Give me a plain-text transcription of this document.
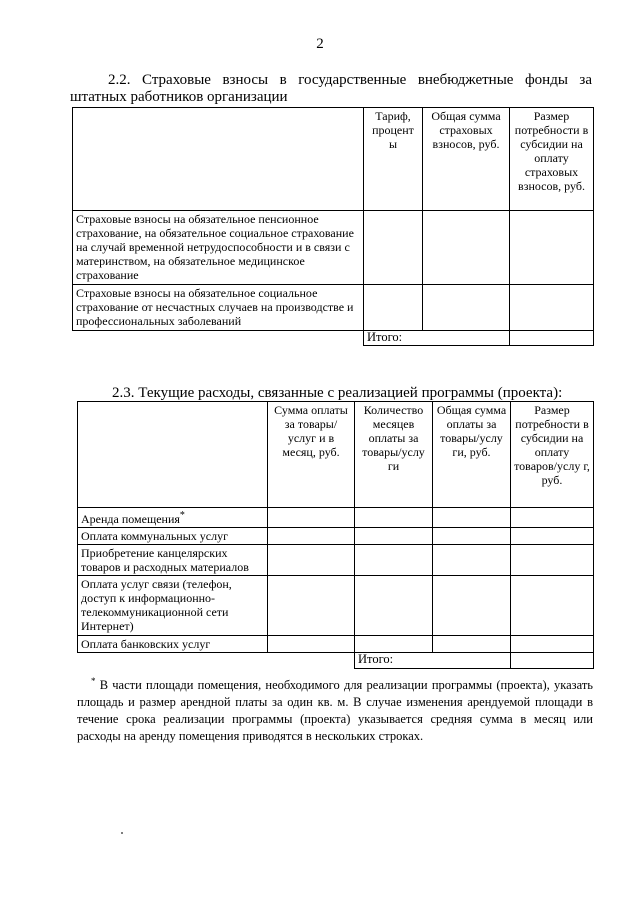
2

2.2. Страховые взносы в государственные внебюджетные фонды за штатных работников организации

	Тариф, процент ы	Общая сумма страховых взносов, руб.	Размер потребности в субсидии на оплату страховых взносов, руб.
Страховые взносы на обязательное пенсионное страхование, на обязательное социальное страхование на случай временной нетрудоспособности и в связи с материнством, на обязательное медицинское страхование			
Страховые взносы на обязательное социальное страхование от несчастных случаев на производстве и профессиональных заболеваний			
	Итого:		

2.3. Текущие расходы, связанные с реализацией программы (проекта):

	Сумма оплаты за товары/услуг и в месяц, руб.	Количество месяцев оплаты за товары/услу ги	Общая сумма оплаты за товары/услу ги, руб.	Размер потребности в субсидии на оплату товаров/услу г, руб.
Аренда помещения*				
Оплата коммунальных услуг				
Приобретение канцелярских товаров и расходных материалов				
Оплата услуг связи (телефон, доступ к информационно-телекоммуникационной сети Интернет)				
Оплата банковских услуг				
		Итого:		

* В части площади помещения, необходимого для реализации программы (проекта), указать площадь и размер арендной платы за один кв. м. В случае изменения арендуемой площади в течение срока реализации программы (проекта) указывается средняя сумма в месяц или расходы на аренду помещения приводятся в нескольких строках.
